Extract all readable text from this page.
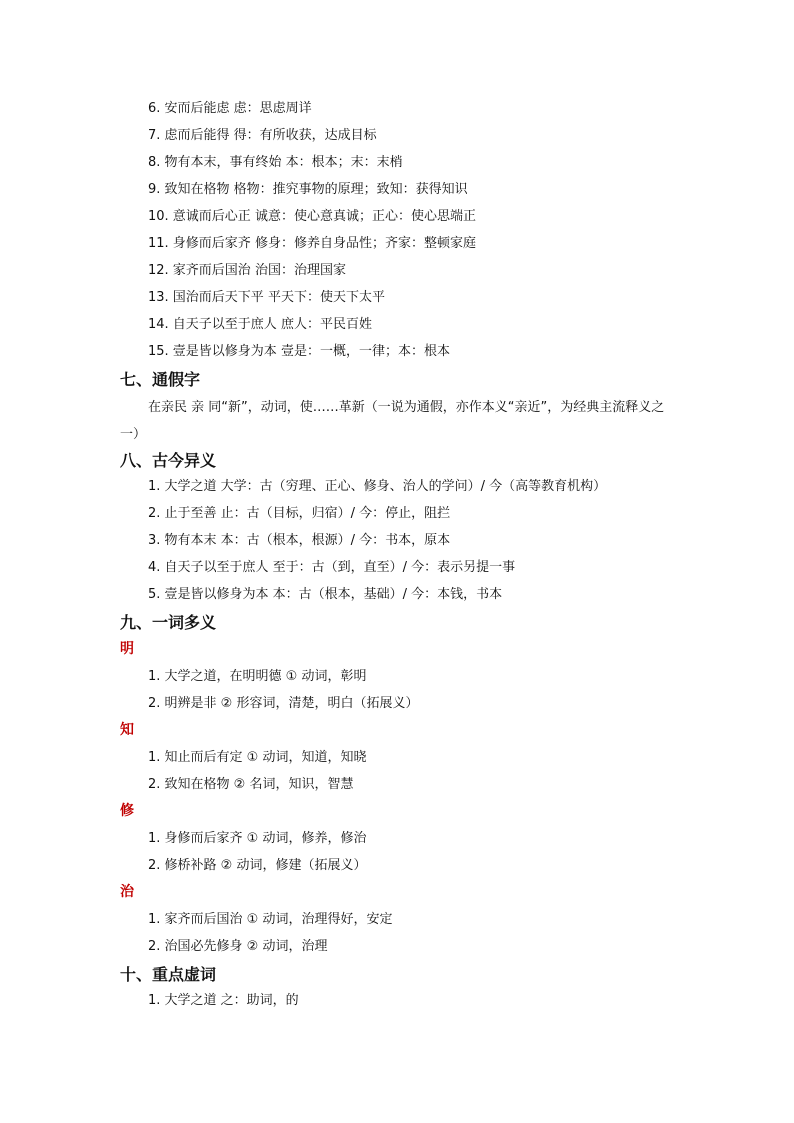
6. 安而后能虑 虑：思虑周详
7. 虑而后能得 得：有所收获，达成目标
8. 物有本末，事有终始 本：根本；末：末梢
9. 致知在格物 格物：推究事物的原理；致知：获得知识
10. 意诚而后心正 诚意：使心意真诚；正心：使心思端正
11. 身修而后家齐 修身：修养自身品性；齐家：整顿家庭
12. 家齐而后国治 治国：治理国家
13. 国治而后天下平 平天下：使天下太平
14. 自天子以至于庶人 庶人：平民百姓
15. 壹是皆以修身为本 壹是：一概，一律；本：根本
七、通假字
在亲民 亲 同“新”，动词，使……革新（一说为通假，亦作本义“亲近”，为经典主流释义之一）
八、古今异义
1. 大学之道 大学：古（穷理、正心、修身、治人的学问）/ 今（高等教育机构）
2. 止于至善 止：古（目标，归宿）/ 今：停止，阻拦
3. 物有本末 本：古（根本，根源）/ 今：书本，原本
4. 自天子以至于庶人 至于：古（到，直至）/ 今：表示另提一事
5. 壹是皆以修身为本 本：古（根本，基础）/ 今：本钱，书本
九、一词多义
明
1. 大学之道，在明明德 ① 动词，彰明
2. 明辨是非 ② 形容词，清楚，明白（拓展义）
知
1. 知止而后有定 ① 动词，知道，知晓
2. 致知在格物 ② 名词，知识，智慧
修
1. 身修而后家齐 ① 动词，修养，修治
2. 修桥补路 ② 动词，修建（拓展义）
治
1. 家齐而后国治 ① 动词，治理得好，安定
2. 治国必先修身 ② 动词，治理
十、重点虚词
1. 大学之道 之：助词，的
